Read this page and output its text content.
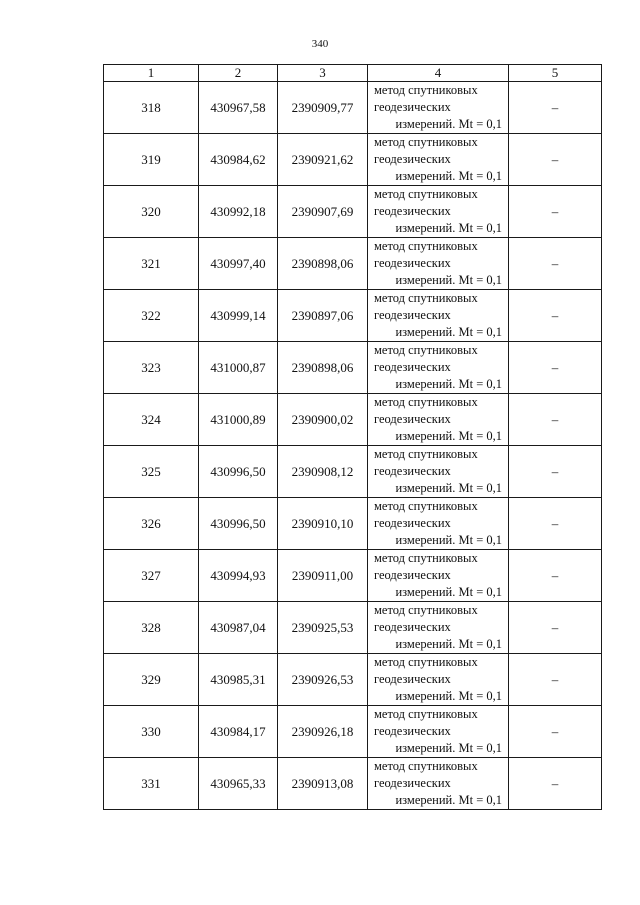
340
1	2	3	4	5
318	430967,58	2390909,77	метод спутниковых
геодезических
измерений. Mt = 0,1	–
319	430984,62	2390921,62	метод спутниковых
геодезических
измерений. Mt = 0,1	–
320	430992,18	2390907,69	метод спутниковых
геодезических
измерений. Mt = 0,1	–
321	430997,40	2390898,06	метод спутниковых
геодезических
измерений. Mt = 0,1	–
322	430999,14	2390897,06	метод спутниковых
геодезических
измерений. Mt = 0,1	–
323	431000,87	2390898,06	метод спутниковых
геодезических
измерений. Mt = 0,1	–
324	431000,89	2390900,02	метод спутниковых
геодезических
измерений. Mt = 0,1	–
325	430996,50	2390908,12	метод спутниковых
геодезических
измерений. Mt = 0,1	–
326	430996,50	2390910,10	метод спутниковых
геодезических
измерений. Mt = 0,1	–
327	430994,93	2390911,00	метод спутниковых
геодезических
измерений. Mt = 0,1	–
328	430987,04	2390925,53	метод спутниковых
геодезических
измерений. Mt = 0,1	–
329	430985,31	2390926,53	метод спутниковых
геодезических
измерений. Mt = 0,1	–
330	430984,17	2390926,18	метод спутниковых
геодезических
измерений. Mt = 0,1	–
331	430965,33	2390913,08	метод спутниковых
геодезических
измерений. Mt = 0,1	–
